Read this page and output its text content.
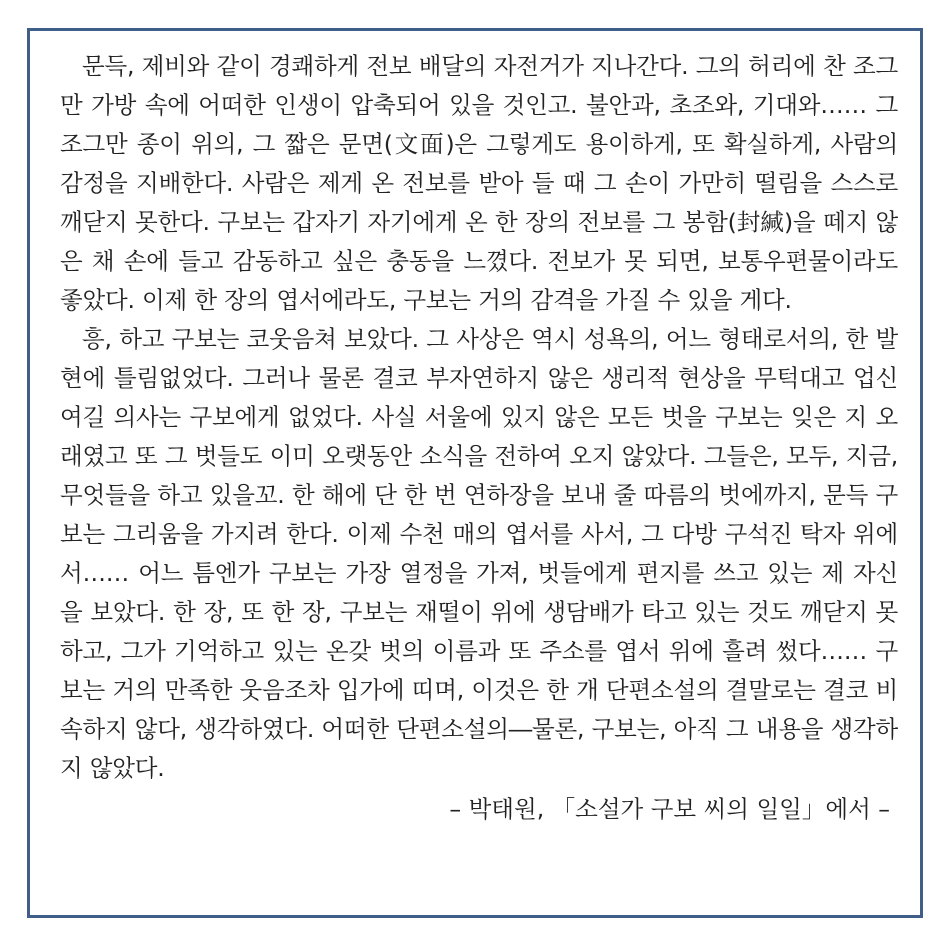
문득, 제비와 같이 경쾌하게 전보 배달의 자전거가 지나간다. 그의 허리에 찬 조그만 가방 속에 어떠한 인생이 압축되어 있을 것인고. 불안과, 초조와, 기대와…… 그 조그만 종이 위의, 그 짧은 문면(文面)은 그렇게도 용이하게, 또 확실하게, 사람의 감정을 지배한다. 사람은 제게 온 전보를 받아 들 때 그 손이 가만히 떨림을 스스로 깨닫지 못한다. 구보는 갑자기 자기에게 온 한 장의 전보를 그 봉함(封緘)을 떼지 않은 채 손에 들고 감동하고 싶은 충동을 느꼈다. 전보가 못 되면, 보통우편물이라도 좋았다. 이제 한 장의 엽서에라도, 구보는 거의 감격을 가질 수 있을 게다.

흥, 하고 구보는 코웃음쳐 보았다. 그 사상은 역시 성욕의, 어느 형태로서의, 한 발현에 틀림없었다. 그러나 물론 결코 부자연하지 않은 생리적 현상을 무턱대고 업신여길 의사는 구보에게 없었다. 사실 서울에 있지 않은 모든 벗을 구보는 잊은 지 오래였고 또 그 벗들도 이미 오랫동안 소식을 전하여 오지 않았다. 그들은, 모두, 지금, 무엇들을 하고 있을꼬. 한 해에 단 한 번 연하장을 보내 줄 따름의 벗에까지, 문득 구보는 그리움을 가지려 한다. 이제 수천 매의 엽서를 사서, 그 다방 구석진 탁자 위에서…… 어느 틈엔가 구보는 가장 열정을 가져, 벗들에게 편지를 쓰고 있는 제 자신을 보았다. 한 장, 또 한 장, 구보는 재떨이 위에 생담배가 타고 있는 것도 깨닫지 못하고, 그가 기억하고 있는 온갖 벗의 이름과 또 주소를 엽서 위에 흘려 썼다…… 구보는 거의 만족한 웃음조차 입가에 띠며, 이것은 한 개 단편소설의 결말로는 결코 비속하지 않다, 생각하였다. 어떠한 단편소설의―물론, 구보는, 아직 그 내용을 생각하지 않았다.

– 박태원, 「소설가 구보 씨의 일일」에서 –
